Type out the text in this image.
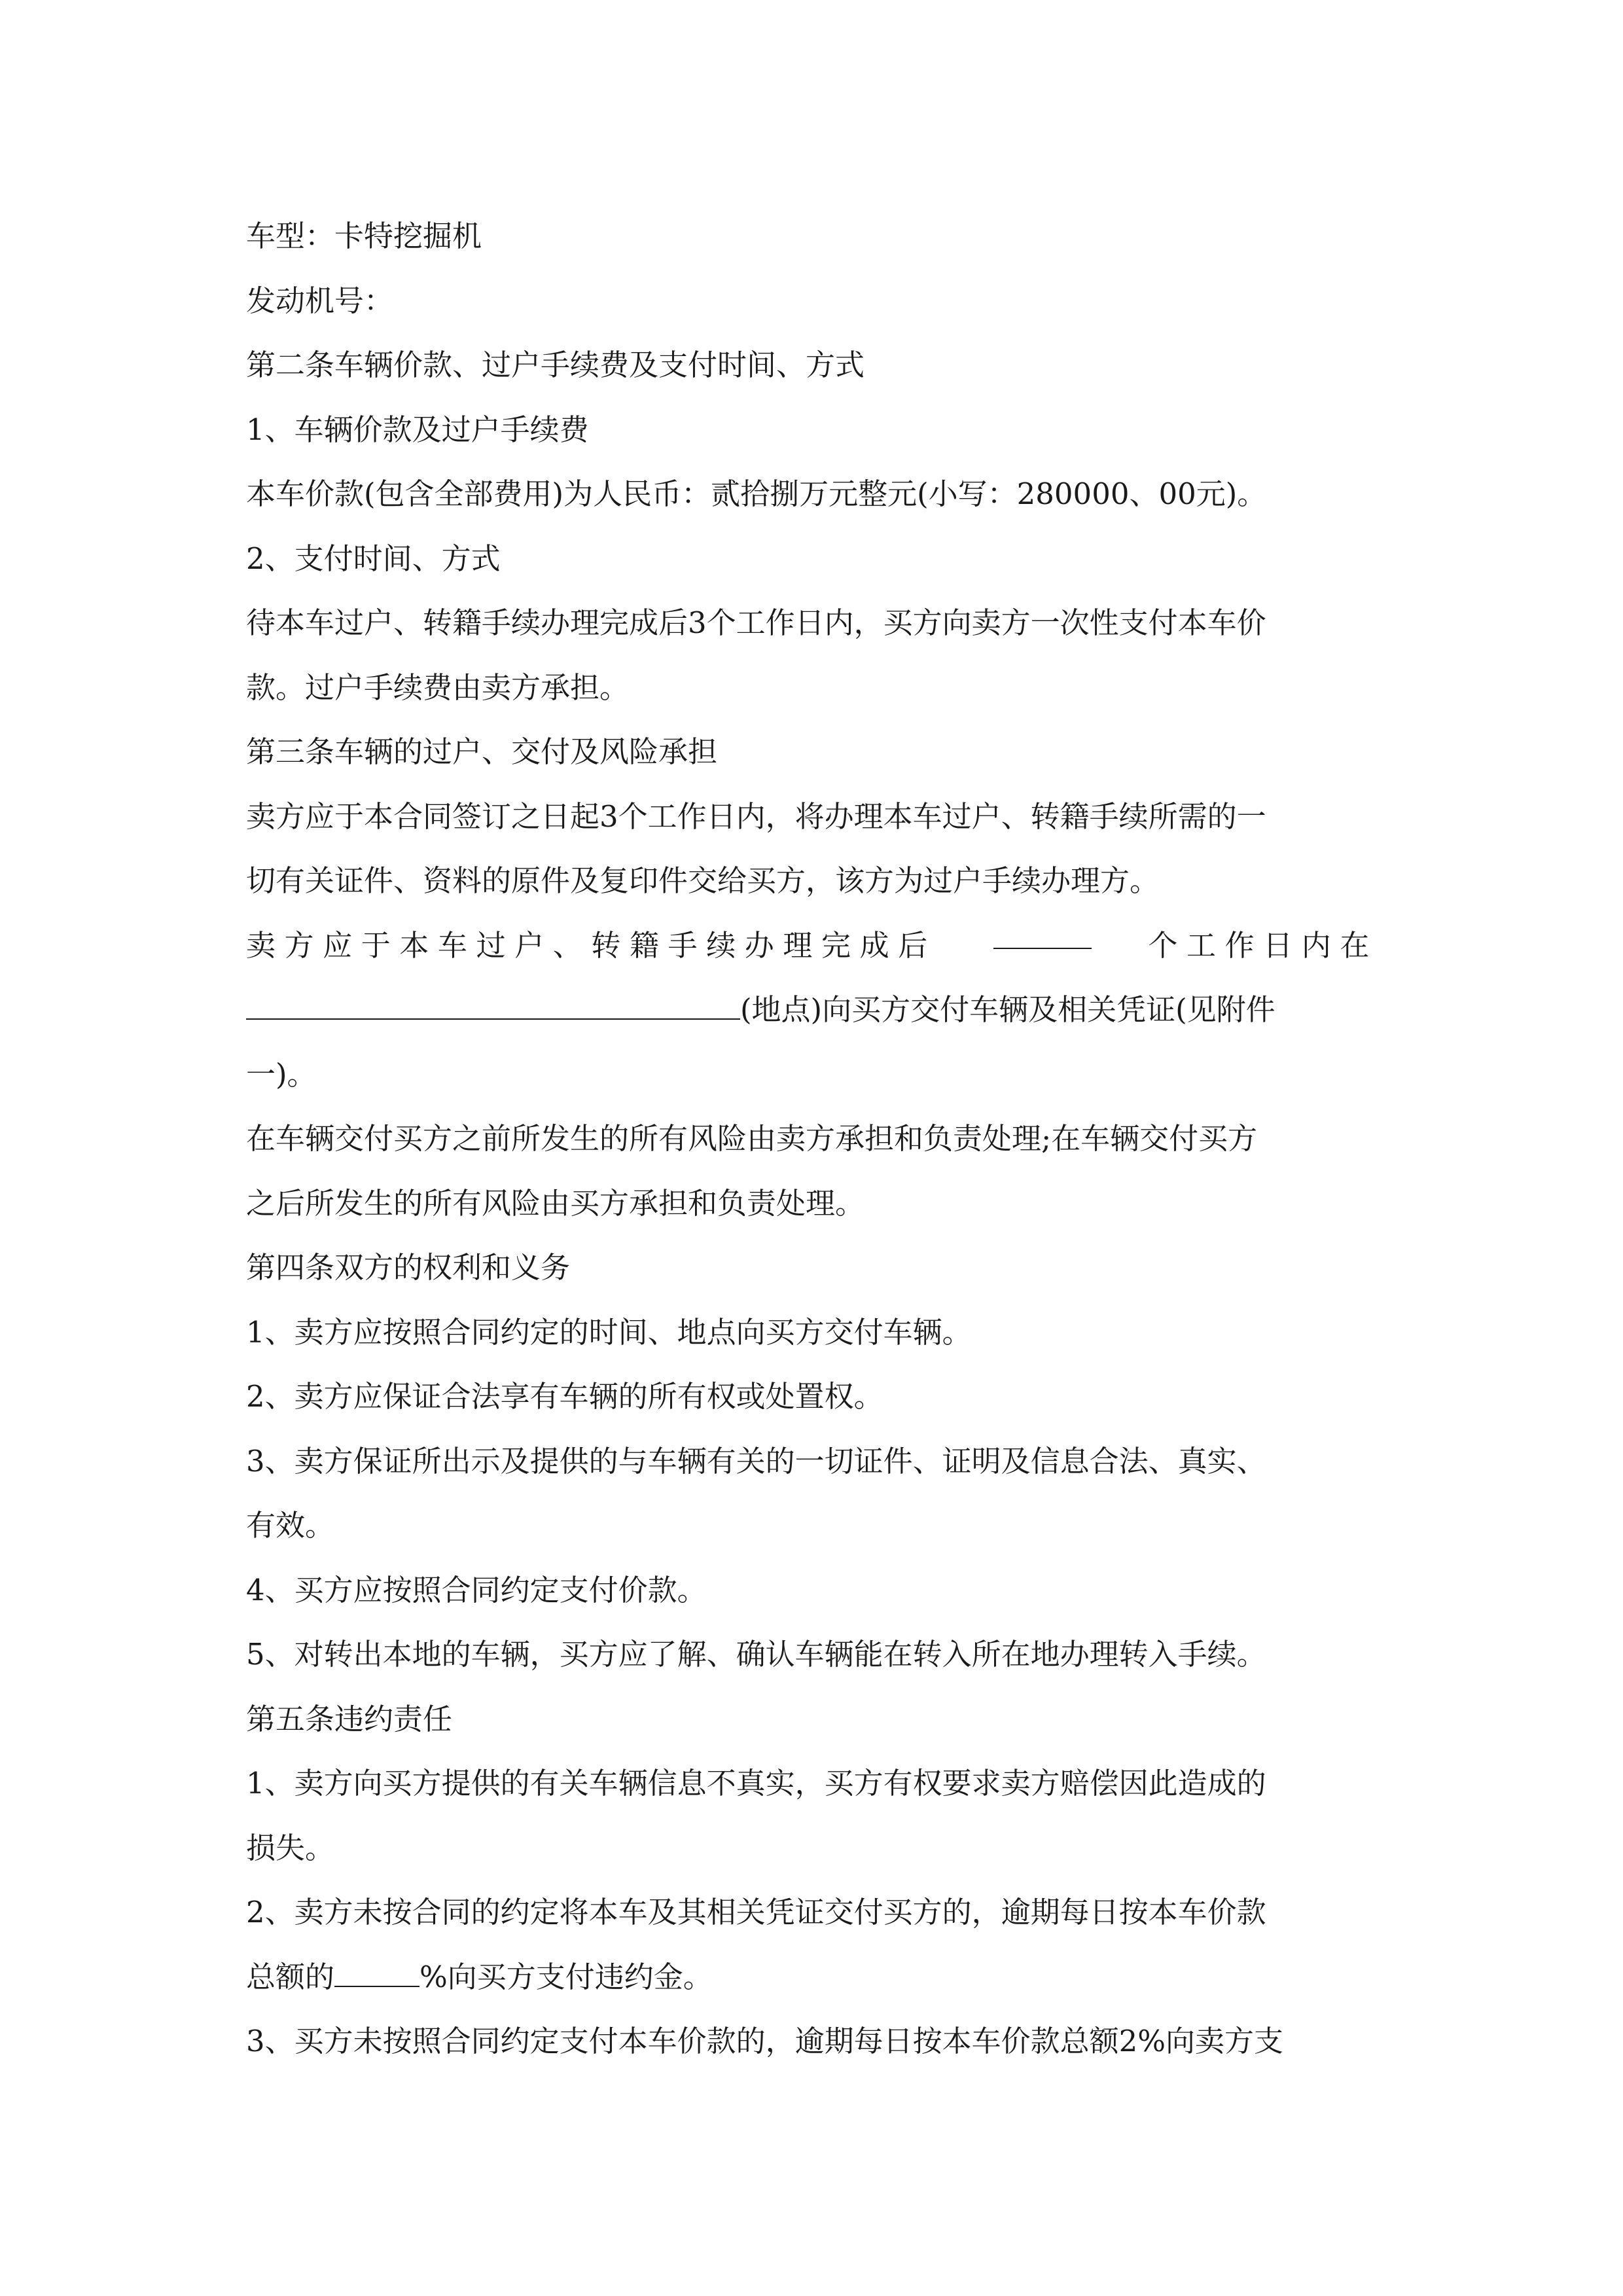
车型：卡特挖掘机
发动机号：
第二条车辆价款、过户手续费及支付时间、方式
1、车辆价款及过户手续费
本车价款(包含全部费用)为人民币：贰拾捌万元整元(小写：280000、00元)。
2、支付时间、方式
待本车过户、转籍手续办理完成后3个工作日内，买方向卖方一次性支付本车价
款。过户手续费由卖方承担。
第三条车辆的过户、交付及风险承担
卖方应于本合同签订之日起3个工作日内，将办理本车过户、转籍手续所需的一
切有关证件、资料的原件及复印件交给买方，该方为过户手续办理方。
卖方应于本车过户、转籍手续办理完成后	个工作日内在
(地点)向买方交付车辆及相关凭证(见附件
一)。
在车辆交付买方之前所发生的所有风险由卖方承担和负责处理;在车辆交付买方
之后所发生的所有风险由买方承担和负责处理。
第四条双方的权利和义务
1、卖方应按照合同约定的时间、地点向买方交付车辆。
2、卖方应保证合法享有车辆的所有权或处置权。
3、卖方保证所出示及提供的与车辆有关的一切证件、证明及信息合法、真实、
有效。
4、买方应按照合同约定支付价款。
5、对转出本地的车辆，买方应了解、确认车辆能在转入所在地办理转入手续。
第五条违约责任
1、卖方向买方提供的有关车辆信息不真实，买方有权要求卖方赔偿因此造成的
损失。
2、卖方未按合同的约定将本车及其相关凭证交付买方的，逾期每日按本车价款
总额的	%向买方支付违约金。
3、买方未按照合同约定支付本车价款的，逾期每日按本车价款总额2%向卖方支
